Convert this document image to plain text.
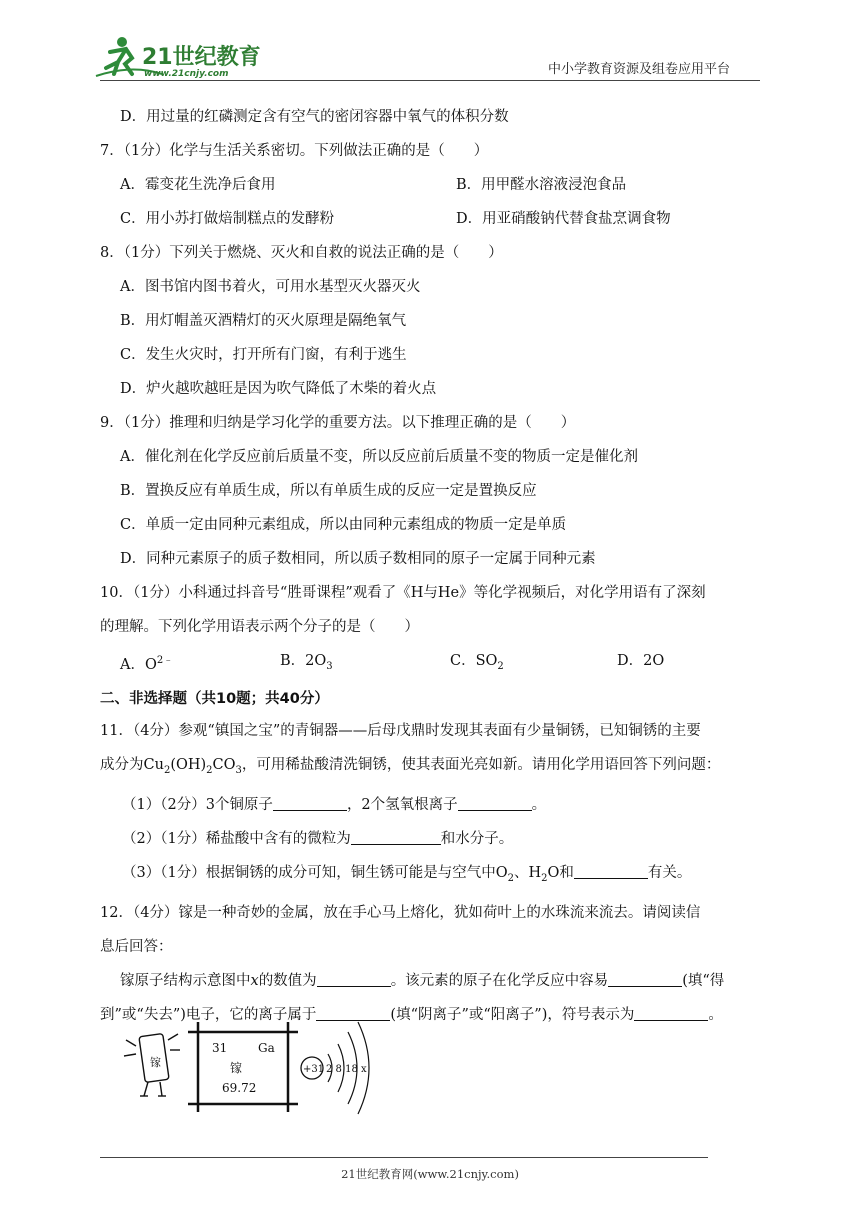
21世纪教育
www.21cnjy.com	中小学教育资源及组卷应用平台
D．用过量的红磷测定含有空气的密闭容器中氧气的体积分数
7．（1分）化学与生活关系密切。下列做法正确的是（　　）
A．霉变花生洗净后食用	B．用甲醛水溶液浸泡食品
C．用小苏打做焙制糕点的发酵粉	D．用亚硝酸钠代替食盐烹调食物
8．（1分）下列关于燃烧、灭火和自救的说法正确的是（　　）
A．图书馆内图书着火，可用水基型灭火器灭火
B．用灯帽盖灭酒精灯的灭火原理是隔绝氧气
C．发生火灾时，打开所有门窗，有利于逃生
D．炉火越吹越旺是因为吹气降低了木柴的着火点
9．（1分）推理和归纳是学习化学的重要方法。以下推理正确的是（　　）
A．催化剂在化学反应前后质量不变，所以反应前后质量不变的物质一定是催化剂
B．置换反应有单质生成，所以有单质生成的反应一定是置换反应
C．单质一定由同种元素组成，所以由同种元素组成的物质一定是单质
D．同种元素原子的质子数相同，所以质子数相同的原子一定属于同种元素
10．（1分）小科通过抖音号“胜哥课程”观看了《H与He》等化学视频后，对化学用语有了深刻
的理解。下列化学用语表示两个分子的是（　　）
A．$O^{2﹣}$	B．$2O_3$	C．$SO_2$	D．2O
二、非选择题（共10题；共40分）
11．（4分）参观“镇国之宝”的青铜器——后母戊鼎时发现其表面有少量铜锈，已知铜锈的主要
成分为$Cu_2(OH)_2CO_3$，可用稀盐酸清洗铜锈，使其表面光亮如新。请用化学用语回答下列问题：
（1）（2分）3个铜原子	，2个氢氧根离子	。
（2）（1分）稀盐酸中含有的微粒为	和水分子。
（3）（1分）根据铜锈的成分可知，铜生锈可能是与空气中$O_2$、$H_2O$和	有关。
12．（4分）镓是一种奇妙的金属，放在手心马上熔化，犹如荷叶上的水珠流来流去。请阅读信
息后回答：
镓原子结构示意图中x的数值为	。该元素的原子在化学反应中容易	(填“得
到”或“失去”)电子，它的离子属于	(填“阴离子”或“阳离子”)，符号表示为	。
镓
31	Ga
镓
69.72
+31 2 8 18 x
21世纪教育网(www.21cnjy.com)
